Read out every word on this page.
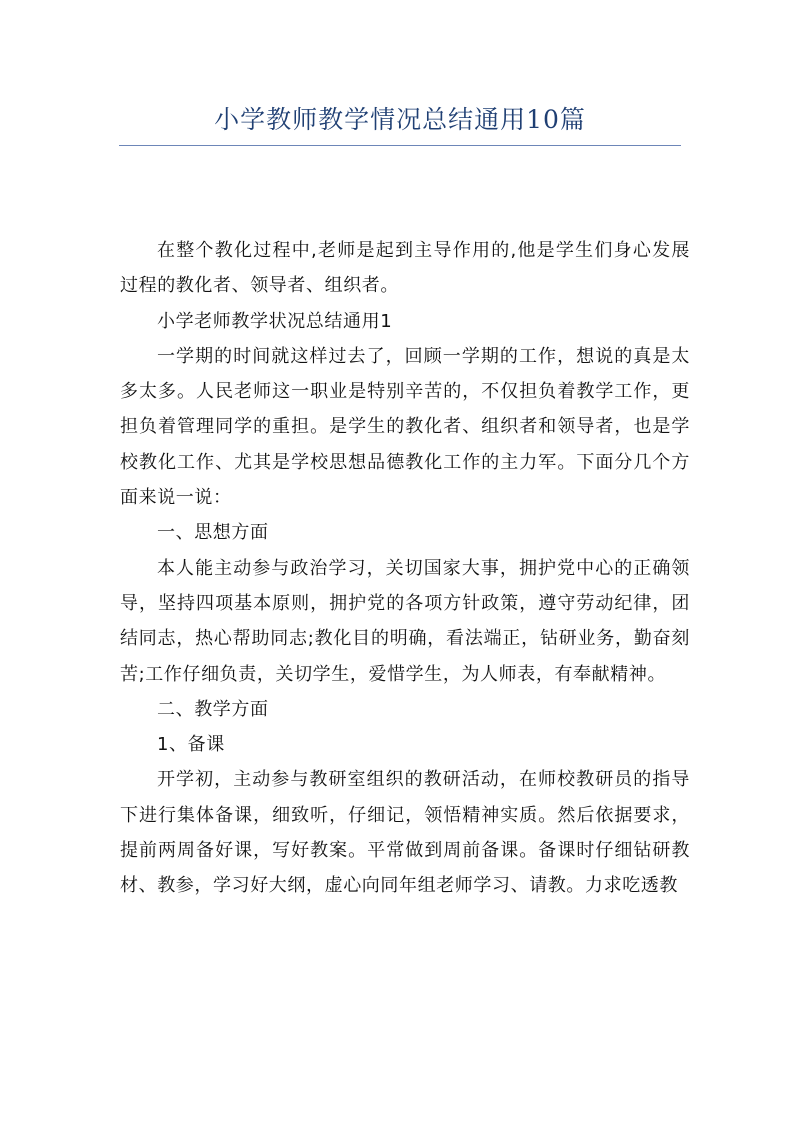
小学教师教学情况总结通用10篇

在整个教化过程中,老师是起到主导作用的,他是学生们身心发展过程的教化者、领导者、组织者。

小学老师教学状况总结通用1

一学期的时间就这样过去了，回顾一学期的工作，想说的真是太多太多。人民老师这一职业是特别辛苦的，不仅担负着教学工作，更担负着管理同学的重担。是学生的教化者、组织者和领导者，也是学校教化工作、尤其是学校思想品德教化工作的主力军。下面分几个方面来说一说：

一、思想方面

本人能主动参与政治学习，关切国家大事，拥护党中心的正确领导，坚持四项基本原则，拥护党的各项方针政策，遵守劳动纪律，团结同志，热心帮助同志;教化目的明确，看法端正，钻研业务，勤奋刻苦;工作仔细负责，关切学生，爱惜学生，为人师表，有奉献精神。

二、教学方面

1、备课

开学初，主动参与教研室组织的教研活动，在师校教研员的指导下进行集体备课，细致听，仔细记，领悟精神实质。然后依据要求，提前两周备好课，写好教案。平常做到周前备课。备课时仔细钻研教材、教参，学习好大纲，虚心向同年组老师学习、请教。力求吃透教
